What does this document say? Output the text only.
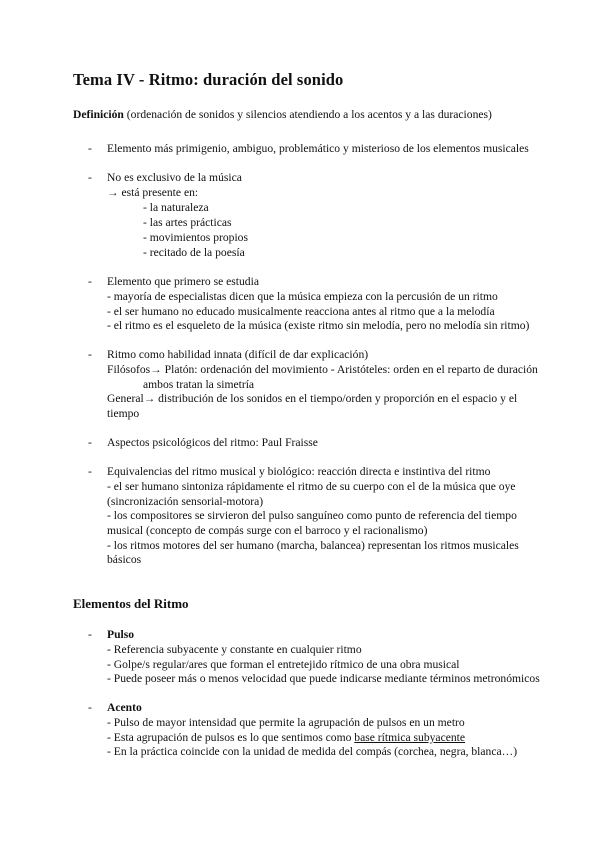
Tema IV - Ritmo: duración del sonido
Definición (ordenación de sonidos y silencios atendiendo a los acentos y a las duraciones)
- Elemento más primigenio, ambiguo, problemático y misterioso de los elementos musicales
- No es exclusivo de la música
→ está presente en:
- la naturaleza
- las artes prácticas
- movimientos propios
- recitado de la poesía
- Elemento que primero se estudia
- mayoría de especialistas dicen que la música empieza con la percusión de un ritmo
- el ser humano no educado musicalmente reacciona antes al ritmo que a la melodía
- el ritmo es el esqueleto de la música (existe ritmo sin melodía, pero no melodía sin ritmo)
- Ritmo como habilidad innata (difícil de dar explicación)
Filósofos→ Platón: ordenación del movimiento - Aristóteles: orden en el reparto de duración
ambos tratan la simetría
General→ distribución de los sonidos en el tiempo/orden y proporción en el espacio y el
tiempo
- Aspectos psicológicos del ritmo: Paul Fraisse
- Equivalencias del ritmo musical y biológico: reacción directa e instintiva del ritmo
- el ser humano sintoniza rápidamente el ritmo de su cuerpo con el de la música que oye
(sincronización sensorial-motora)
- los compositores se sirvieron del pulso sanguíneo como punto de referencia del tiempo
musical (concepto de compás surge con el barroco y el racionalismo)
- los ritmos motores del ser humano (marcha, balancea) representan los ritmos musicales
básicos
Elementos del Ritmo
- Pulso
- Referencia subyacente y constante en cualquier ritmo
- Golpe/s regular/ares que forman el entretejido rítmico de una obra musical
- Puede poseer más o menos velocidad que puede indicarse mediante términos metronómicos
- Acento
- Pulso de mayor intensidad que permite la agrupación de pulsos en un metro
- Esta agrupación de pulsos es lo que sentimos como base rítmica subyacente
- En la práctica coincide con la unidad de medida del compás (corchea, negra, blanca…)
